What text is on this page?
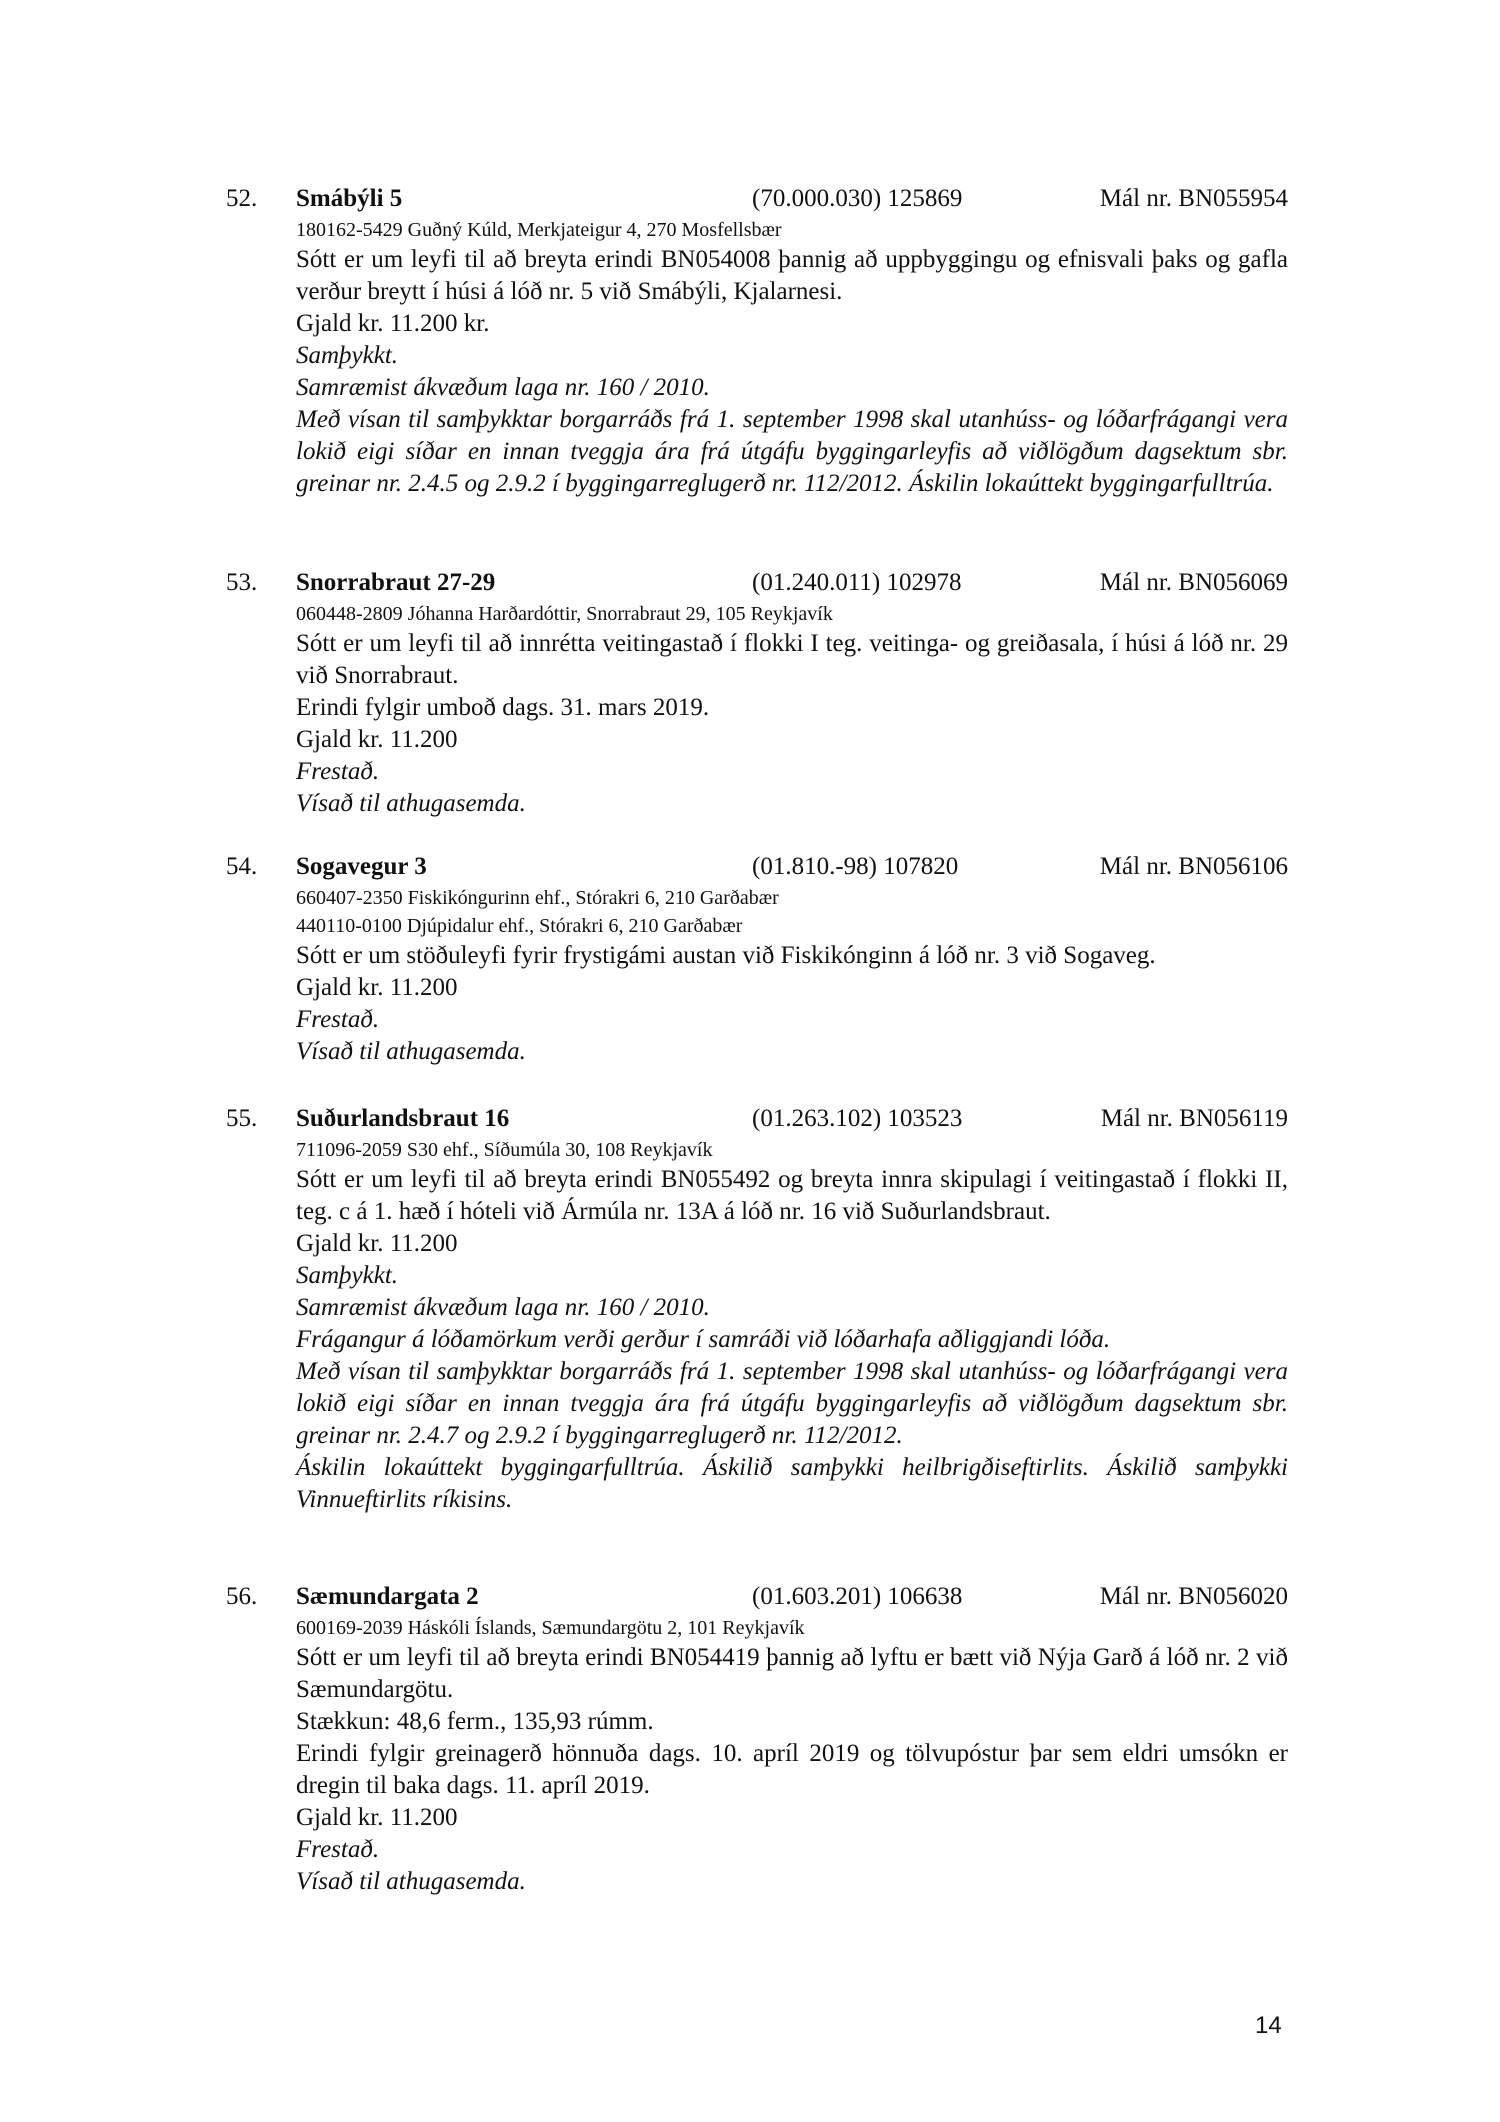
52. Smábýli 5	(70.000.030) 125869	Mál nr. BN055954
180162-5429 Guðný Kúld, Merkjateigur 4, 270 Mosfellsbær
Sótt er um leyfi til að breyta erindi BN054008 þannig að uppbyggingu og efnisvali þaks og gafla verður breytt í húsi á lóð nr. 5 við Smábýli, Kjalarnesi.
Gjald kr. 11.200 kr.
Samþykkt.
Samræmist ákvæðum laga nr. 160 / 2010.
Með vísan til samþykktar borgarráðs frá 1. september 1998 skal utanhúss- og lóðarfrágangi vera lokið eigi síðar en innan tveggja ára frá útgáfu byggingarleyfis að viðlögðum dagsektum sbr. greinar nr. 2.4.5 og 2.9.2 í byggingarreglugerð nr. 112/2012. Áskilin lokaúttekt byggingarfulltrúa.
53. Snorrabraut 27-29	(01.240.011) 102978	Mál nr. BN056069
060448-2809 Jóhanna Harðardóttir, Snorrabraut 29, 105 Reykjavík
Sótt er um leyfi til að innrétta veitingastað í flokki I teg. veitinga- og greiðasala, í húsi á lóð nr. 29 við Snorrabraut.
Erindi fylgir umboð dags. 31. mars 2019.
Gjald kr. 11.200
Frestað.
Vísað til athugasemda.
54. Sogavegur 3	(01.810.-98) 107820	Mál nr. BN056106
660407-2350 Fiskikóngurinn ehf., Stórakri 6, 210 Garðabær
440110-0100 Djúpidalur ehf., Stórakri 6, 210 Garðabær
Sótt er um stöðuleyfi fyrir frystigámi austan við Fiskikónginn á lóð nr. 3 við Sogaveg.
Gjald kr. 11.200
Frestað.
Vísað til athugasemda.
55. Suðurlandsbraut 16	(01.263.102) 103523	Mál nr. BN056119
711096-2059 S30 ehf., Síðumúla 30, 108 Reykjavík
Sótt er um leyfi til að breyta erindi BN055492 og breyta innra skipulagi í veitingastað í flokki II, teg. c á 1. hæð í hóteli við Ármúla nr. 13A á lóð nr. 16 við Suðurlandsbraut.
Gjald kr. 11.200
Samþykkt.
Samræmist ákvæðum laga nr. 160 / 2010.
Frágangur á lóðamörkum verði gerður í samráði við lóðarhafa aðliggjandi lóða.
Með vísan til samþykktar borgarráðs frá 1. september 1998 skal utanhúss- og lóðarfrágangi vera lokið eigi síðar en innan tveggja ára frá útgáfu byggingarleyfis að viðlögðum dagsektum sbr. greinar nr. 2.4.7 og 2.9.2 í byggingarreglugerð nr. 112/2012.
Áskilin lokaúttekt byggingarfulltrúa. Áskilið samþykki heilbrigðiseftirlits. Áskilið samþykki Vinnueftirlits ríkisins.
56. Sæmundargata 2	(01.603.201) 106638	Mál nr. BN056020
600169-2039 Háskóli Íslands, Sæmundargötu 2, 101 Reykjavík
Sótt er um leyfi til að breyta erindi BN054419 þannig að lyftu er bætt við Nýja Garð á lóð nr. 2 við Sæmundargötu.
Stækkun: 48,6 ferm., 135,93 rúmm.
Erindi fylgir greinagerð hönnuða dags. 10. apríl 2019 og tölvupóstur þar sem eldri umsókn er dregin til baka dags. 11. apríl 2019.
Gjald kr. 11.200
Frestað.
Vísað til athugasemda.
14
